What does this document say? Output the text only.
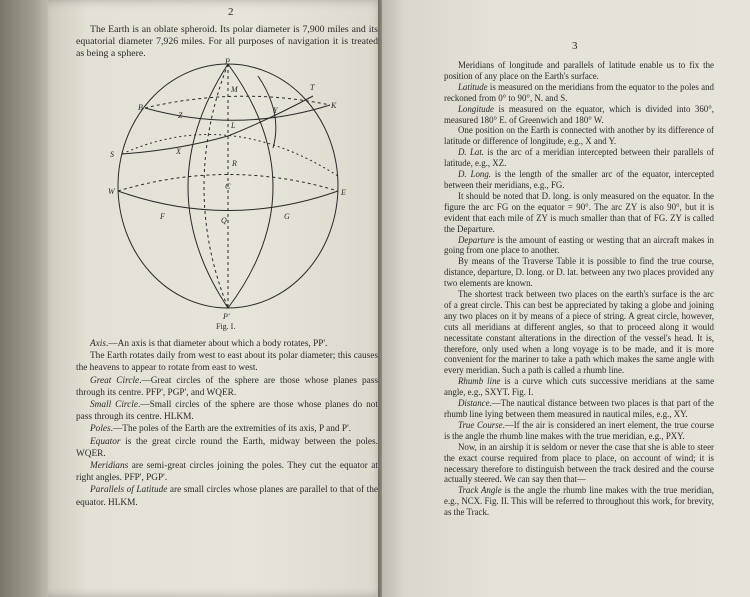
2

The Earth is an oblate spheroid. Its polar diameter is 7,900 miles and its equatorial diameter 7,926 miles. For all purposes of navigation it is treated as being a sphere.

P
T
M
K
B
Z
Y
L
S	X
R
W
C
E
F	Q	G
P'
Fig. I.

Axis.—An axis is that diameter about which a body rotates, PP'.

The Earth rotates daily from west to east about its polar diameter; this causes the heavens to appear to rotate from east to west.

Great Circle.—Great circles of the sphere are those whose planes pass through its centre. PFP', PGP', and WQER.

Small Circle.—Small circles of the sphere are those whose planes do not pass through its centre. HLKM.

Poles.—The poles of the Earth are the extremities of its axis, P and P'.

Equator is the great circle round the Earth, midway between the poles. WQER.

Meridians are semi-great circles joining the poles. They cut the equator at right angles. PFP', PGP'.

Parallels of Latitude are small circles whose planes are parallel to that of the equator. HLKM.

3

Meridians of longitude and parallels of latitude enable us to fix the position of any place on the Earth's surface.

Latitude is measured on the meridians from the equator to the poles and reckoned from 0° to 90°, N. and S.

Longitude is measured on the equator, which is divided into 360°, measured 180° E. of Greenwich and 180° W.

One position on the Earth is connected with another by its difference of latitude or difference of longitude, e.g., X and Y.

D. Lat. is the arc of a meridian intercepted between their parallels of latitude, e.g., XZ.

D. Long. is the length of the smaller arc of the equator, intercepted between their meridians, e.g., FG.

It should be noted that D. long. is only measured on the equator. In the figure the arc FG on the equator = 90°. The arc ZY is also 90°, but it is evident that each mile of ZY is much smaller than that of FG. ZY is called the Departure.

Departure is the amount of easting or westing that an aircraft makes in going from one place to another.

By means of the Traverse Table it is possible to find the true course, distance, departure, D. long. or D. lat. between any two places provided any two elements are known.

The shortest track between two places on the earth's surface is the arc of a great circle. This can best be appreciated by taking a globe and joining any two places on it by means of a piece of string. A great circle, however, cuts all meridians at different angles, so that to proceed along it would necessitate constant alterations in the direction of the vessel's head. It is, therefore, only used when a long voyage is to be made, and it is more convenient for the mariner to take a path which makes the same angle with every meridian. Such a path is called a rhumb line.

Rhumb line is a curve which cuts successive meridians at the same angle, e.g., SXYT. Fig. I.

Distance.—The nautical distance between two places is that part of the rhumb line lying between them measured in nautical miles, e.g., XY.

True Course.—If the air is considered an inert element, the true course is the angle the rhumb line makes with the true meridian, e.g., PXY.

Now, in an airship it is seldom or never the case that she is able to steer the exact course required from place to place, on account of wind; it is necessary therefore to distinguish between the track desired and the course actually steered. We can say then that—

Track Angle is the angle the rhumb line makes with the true meridian, e.g., NCX. Fig. II. This will be referred to throughout this work, for brevity, as the Track.
